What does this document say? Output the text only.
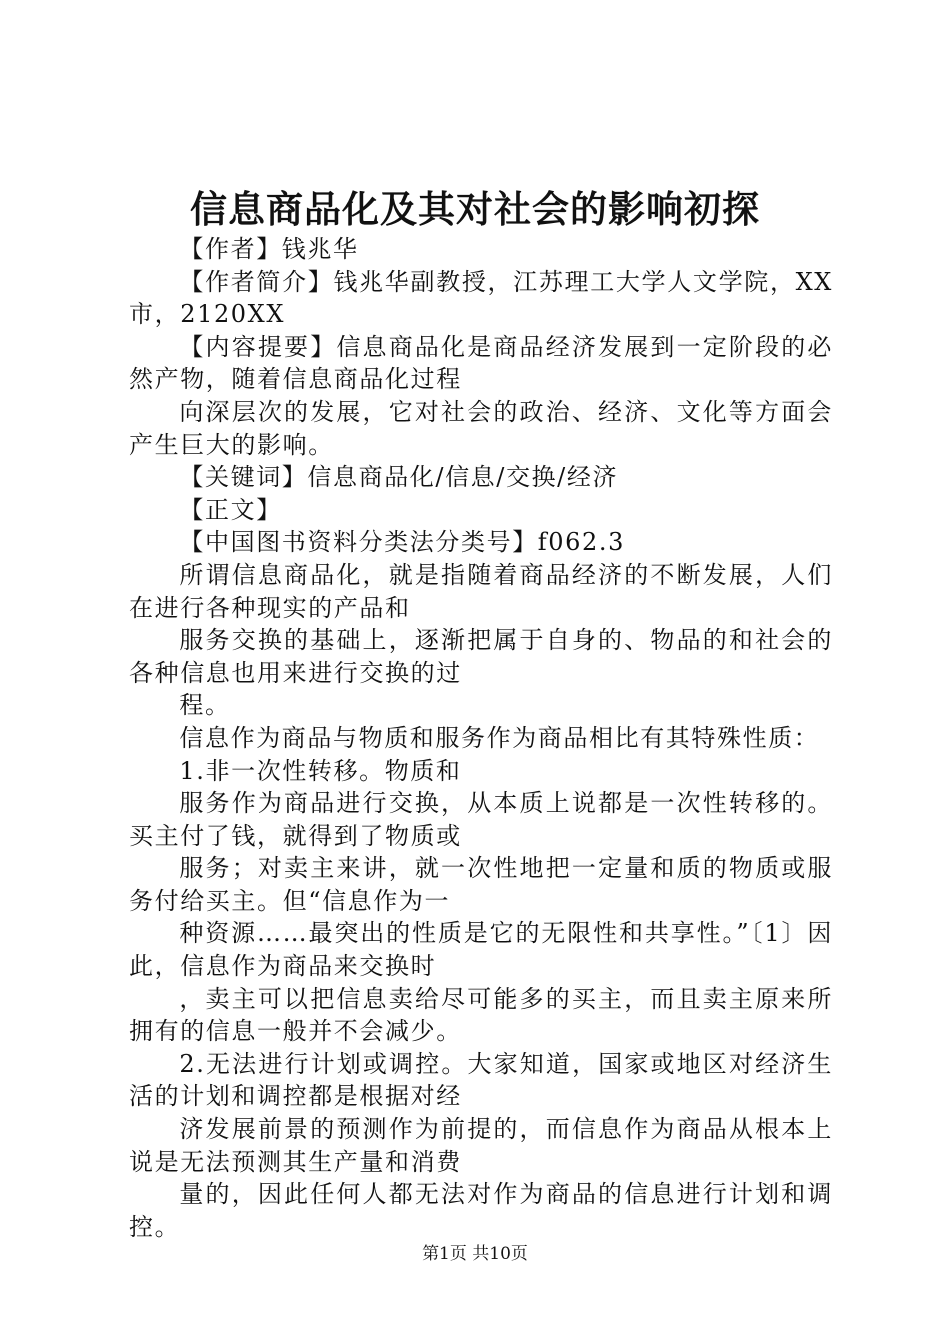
信息商品化及其对社会的影响初探

【作者】钱兆华

【作者简介】钱兆华副教授，江苏理工大学人文学院，XX市，2120XX

【内容提要】信息商品化是商品经济发展到一定阶段的必然产物，随着信息商品化过程

向深层次的发展，它对社会的政治、经济、文化等方面会产生巨大的影响。

【关键词】信息商品化/信息/交换/经济

【正文】

【中国图书资料分类法分类号】f062.3

所谓信息商品化，就是指随着商品经济的不断发展，人们在进行各种现实的产品和

服务交换的基础上，逐渐把属于自身的、物品的和社会的各种信息也用来进行交换的过

程。

信息作为商品与物质和服务作为商品相比有其特殊性质：

1.非一次性转移。物质和

服务作为商品进行交换，从本质上说都是一次性转移的。买主付了钱，就得到了物质或

服务；对卖主来讲，就一次性地把一定量和质的物质或服务付给买主。但“信息作为一

种资源……最突出的性质是它的无限性和共享性。”〔1〕因此，信息作为商品来交换时

，卖主可以把信息卖给尽可能多的买主，而且卖主原来所拥有的信息一般并不会减少。

2.无法进行计划或调控。大家知道，国家或地区对经济生活的计划和调控都是根据对经

济发展前景的预测作为前提的，而信息作为商品从根本上说是无法预测其生产量和消费

量的，因此任何人都无法对作为商品的信息进行计划和调控。

第1页 共10页
